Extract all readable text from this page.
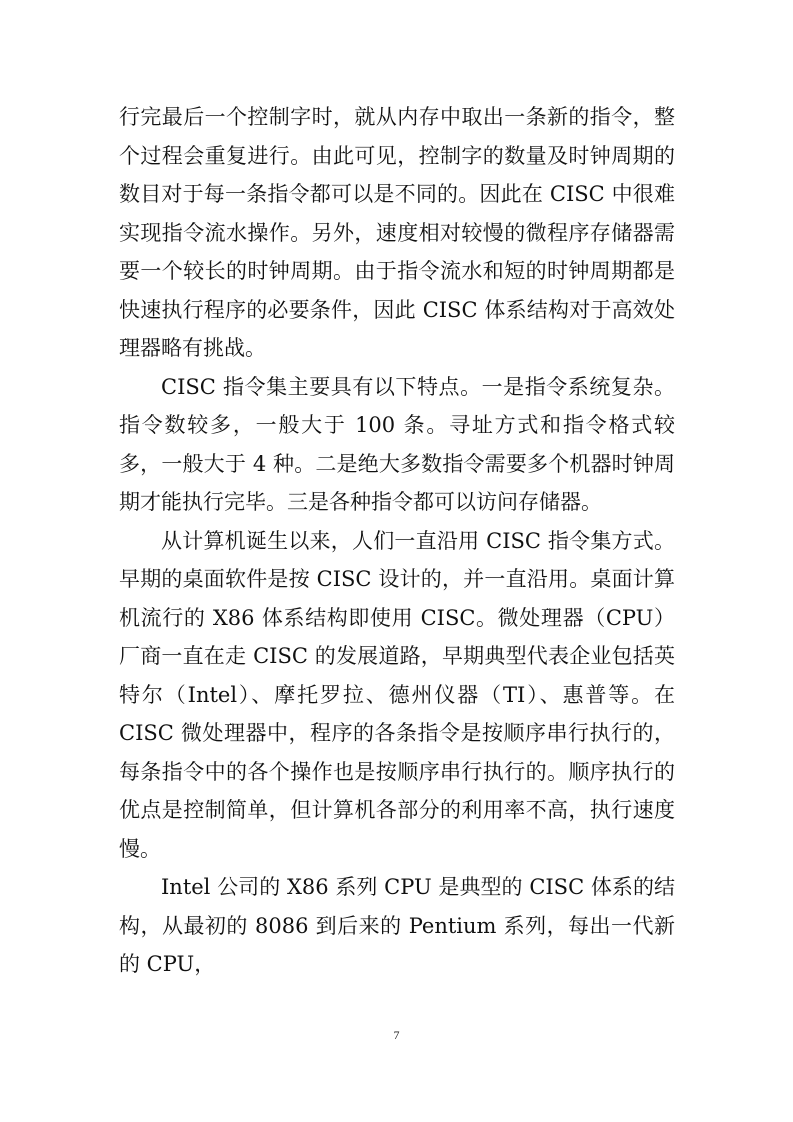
行完最后一个控制字时，就从内存中取出一条新的指令，整个过程会重复进行。由此可见，控制字的数量及时钟周期的数目对于每一条指令都可以是不同的。因此在 CISC 中很难实现指令流水操作。另外，速度相对较慢的微程序存储器需要一个较长的时钟周期。由于指令流水和短的时钟周期都是快速执行程序的必要条件，因此 CISC 体系结构对于高效处理器略有挑战。

CISC 指令集主要具有以下特点。一是指令系统复杂。指令数较多，一般大于 100 条。寻址方式和指令格式较多，一般大于 4 种。二是绝大多数指令需要多个机器时钟周期才能执行完毕。三是各种指令都可以访问存储器。

从计算机诞生以来，人们一直沿用 CISC 指令集方式。早期的桌面软件是按 CISC 设计的，并一直沿用。桌面计算机流行的 X86 体系结构即使用 CISC。微处理器（CPU）厂商一直在走 CISC 的发展道路，早期典型代表企业包括英特尔（Intel）、摩托罗拉、德州仪器（TI）、惠普等。在 CISC 微处理器中，程序的各条指令是按顺序串行执行的，每条指令中的各个操作也是按顺序串行执行的。顺序执行的优点是控制简单，但计算机各部分的利用率不高，执行速度慢。

Intel 公司的 X86 系列 CPU 是典型的 CISC 体系的结构，从最初的 8086 到后来的 Pentium 系列，每出一代新的 CPU，

7
